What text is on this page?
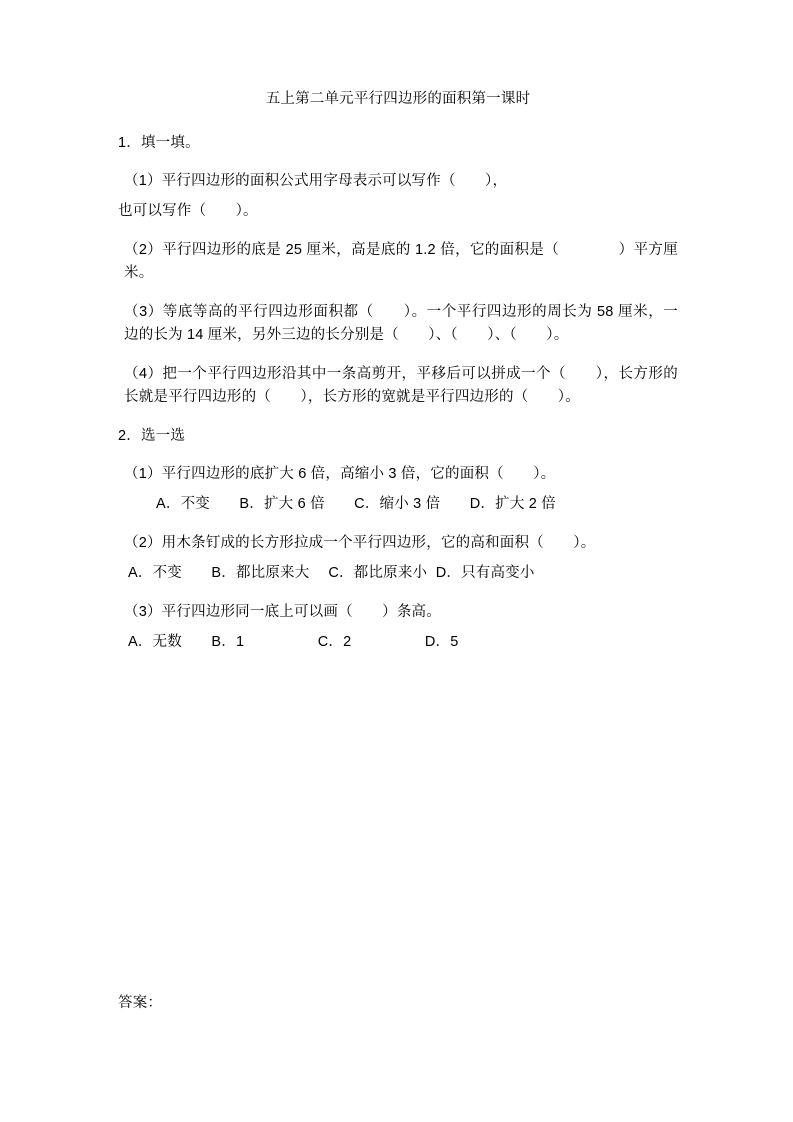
五上第二单元平行四边形的面积第一课时
1．填一填。
（1）平行四边形的面积公式用字母表示可以写作（　　），
也可以写作（　　）。
（2）平行四边形的底是 25 厘米，高是底的 1.2 倍，它的面积是（　　　　）平方厘米。
（3）等底等高的平行四边形面积都（　　）。一个平行四边形的周长为 58 厘米，一边的长为 14 厘米，另外三边的长分别是（　　）、（　　）、（　　）。
（4）把一个平行四边形沿其中一条高剪开，平移后可以拼成一个（　　），长方形的长就是平行四边形的（　　），长方形的宽就是平行四边形的（　　）。
2．选一选
（1）平行四边形的底扩大 6 倍，高缩小 3 倍，它的面积（　　）。
A．不变　　B．扩大 6 倍　　C．缩小 3 倍　　D．扩大 2 倍
（2）用木条钉成的长方形拉成一个平行四边形，它的高和面积（　　）。
A．不变　　B．都比原来大　 C．都比原来小  D．只有高变小
（3）平行四边形同一底上可以画（　　）条高。
A．无数　　B．1　　　　　C．2　　　　　D．5
答案：
